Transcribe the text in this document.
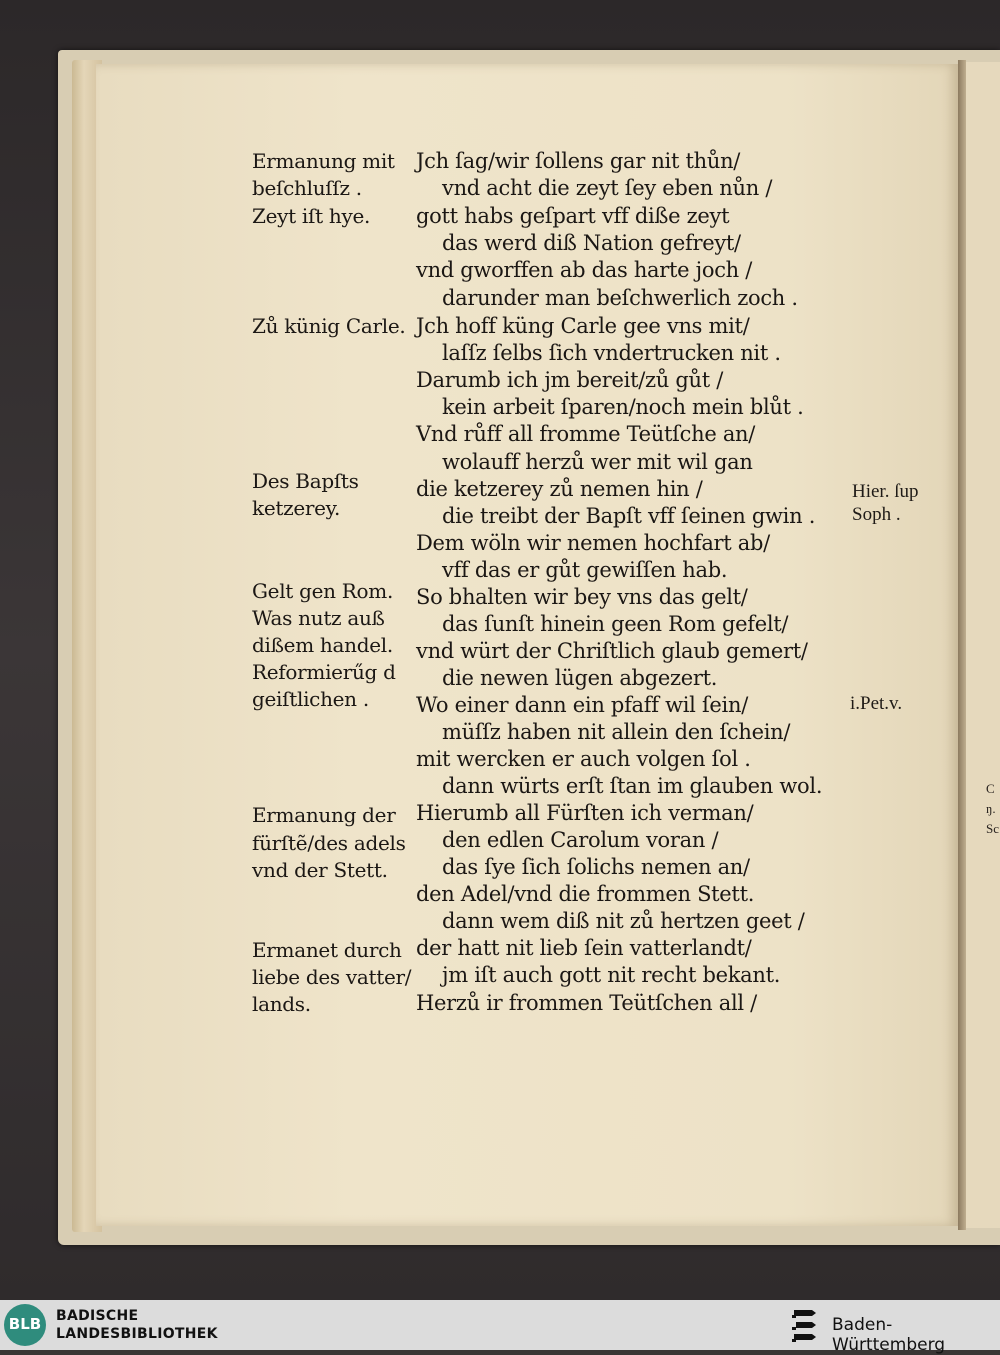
Jch ſag/wir ſollens gar nit thůn/
vnd acht die zeyt ſey eben nůn /
gott habs geſpart vff diße zeyt
das werd diß Nation gefreyt/
vnd gworffen ab das harte joch /
darunder man beſchwerlich zoch .
Jch hoff küng Carle gee vns mit/
laſſz ſelbs ſich vndertrucken nit .
Darumb ich jm bereit/zů gůt /
kein arbeit ſparen/noch mein blůt .
Vnd růff all fromme Teütſche an/
wolauff herzů wer mit wil gan
die ketzerey zů nemen hin /
die treibt der Bapſt vff ſeinen gwin .
Dem wöln wir nemen hochfart ab/
vff das er gůt gewiſſen hab.
So bhalten wir bey vns das gelt/
das ſunſt hinein geen Rom gefelt/
vnd würt der Chriſtlich glaub gemert/
die newen lügen abgezert.
Wo einer dann ein pfaff wil ſein/
müſſz haben nit allein den ſchein/
mit wercken er auch volgen ſol .
dann würts erſt ſtan im glauben wol.
Hierumb all Fürſten ich verman/
den edlen Carolum voran /
das ſye ſich ſolichs nemen an/
den Adel/vnd die frommen Stett.
dann wem diß nit zů hertzen geet /
der hatt nit lieb ſein vatterlandt/
jm iſt auch gott nit recht bekant.
Herzů ir frommen Teütſchen all /
Ermanung mit
beſchluſſz .
Zeyt iſt hye.
Zů künig Carle.
Des Bapſts
ketzerey.
Gelt gen Rom.
Was nutz auß
dißem handel.
Reformierűg d
geiſtlichen .
Ermanung der
fürſtẽ/des adels
vnd der Stett.
Ermanet durch
liebe des vatter/
lands.
Hier. ſup
Soph .
i.Pet.v.
C
ŋ.
Sc
BLB	BADISCHE
LANDESBIBLIOTHEK	Baden-Württemberg
